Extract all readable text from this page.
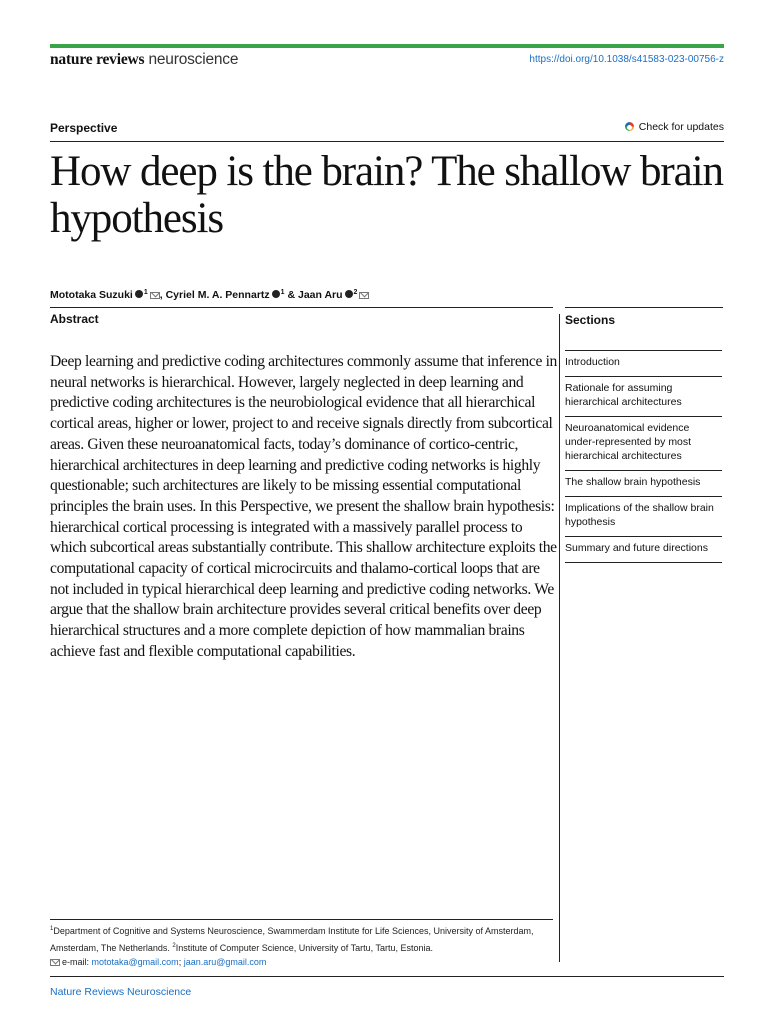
nature reviews neuroscience	https://doi.org/10.1038/s41583-023-00756-z
Perspective	Check for updates
How deep is the brain? The shallow brain hypothesis
Mototaka Suzuki $^1$ , Cyriel M. A. Pennartz $^1$ & Jaan Aru $^2$
Abstract

Deep learning and predictive coding architectures commonly assume that inference in neural networks is hierarchical. However, largely neglected in deep learning and predictive coding architectures is the neurobiological evidence that all hierarchical cortical areas, higher or lower, project to and receive signals directly from subcortical areas. Given these neuroanatomical facts, today’s dominance of cortico-centric, hierarchical architectures in deep learning and predictive coding networks is highly questionable; such architectures are likely to be missing essential computational principles the brain uses. In this Perspective, we present the shallow brain hypothesis: hierarchical cortical processing is integrated with a massively parallel process to which subcortical areas substantially contribute. This shallow architecture exploits the computational capacity of cortical microcircuits and thalamo-cortical loops that are not included in typical hierarchical deep learning and predictive coding networks. We argue that the shallow brain architecture provides several critical benefits over deep hierarchical structures and a more complete depiction of how mammalian brains achieve fast and flexible computational capabilities.

Sections
Introduction
Rationale for assuming hierarchical architectures
Neuroanatomical evidence under-represented by most hierarchical architectures
The shallow brain hypothesis
Implications of the shallow brain hypothesis
Summary and future directions
$^1$Department of Cognitive and Systems Neuroscience, Swammerdam Institute for Life Sciences, University of Amsterdam, Amsterdam, The Netherlands. $^2$Institute of Computer Science, University of Tartu, Tartu, Estonia.
e-mail: mototaka@gmail.com; jaan.aru@gmail.com
Nature Reviews Neuroscience
